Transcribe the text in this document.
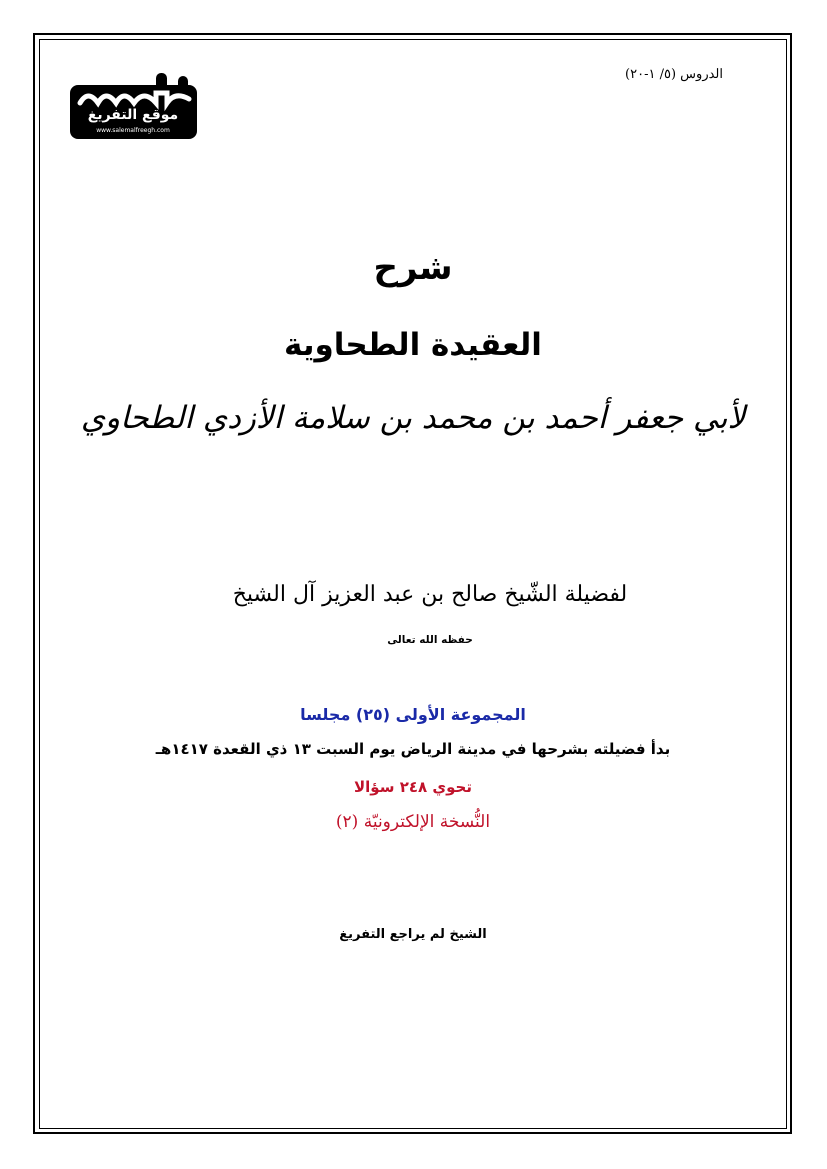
الدروس (٥/ ١-٢٠)
موقع التفريغ
www.salemalfreegh.com
شرح
العقيدة الطحاوية
لأبي جعفر أحمد بن محمد بن سلامة الأزدي الطحاوي
لفضيلة الشّيخ صالح بن عبد العزيز آل الشيخ
حفظه الله تعالى
المجموعة الأولى (٢٥) مجلسا
بدأ فضيلته بشرحها في مدينة الرياض يوم السبت ١٣ ذي القعدة ١٤١٧هـ
تحوي ٢٤٨ سؤالا
النُّسخة الإلكترونيّة (٢)
الشيخ لم يراجع التفريغ
